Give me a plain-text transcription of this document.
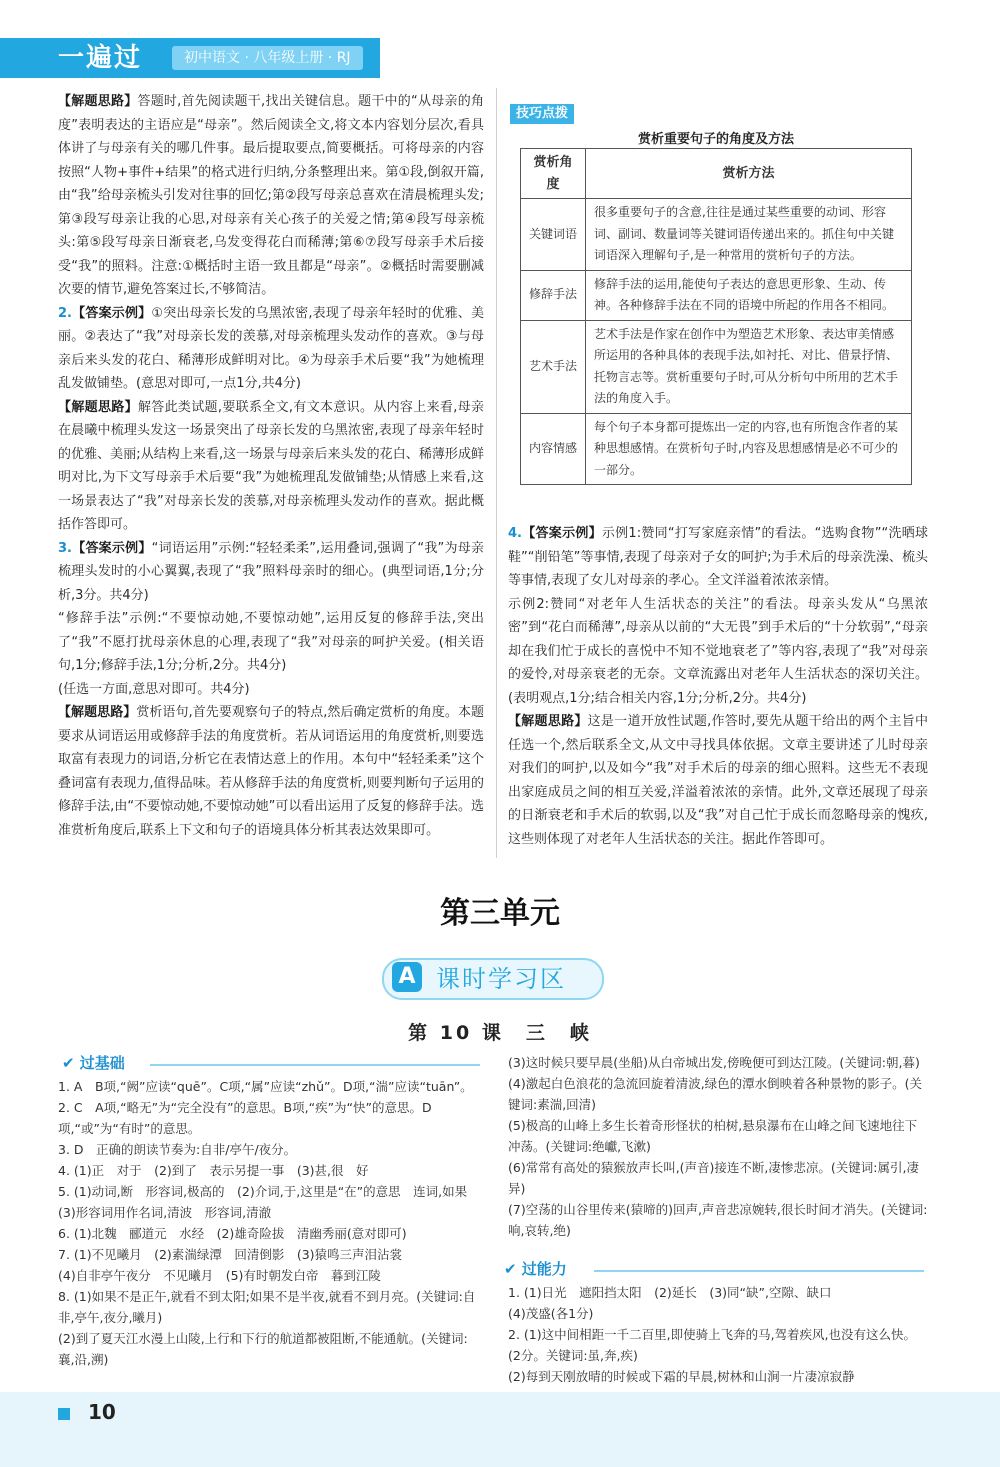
一遍过	初中语文 · 八年级上册 · RJ

【解题思路】答题时,首先阅读题干,找出关键信息。题干中的“从母亲的角度”表明表达的主语应是“母亲”。然后阅读全文,将文本内容划分层次,看具体讲了与母亲有关的哪几件事。最后提取要点,简要概括。可将母亲的内容按照“人物+事件+结果”的格式进行归纳,分条整理出来。第①段,倒叙开篇,由“我”给母亲梳头引发对往事的回忆;第②段写母亲总喜欢在清晨梳理头发;第③段写母亲让我的心思,对母亲有关心孩子的关爱之情;第④段写母亲梳头:第⑤段写母亲日渐衰老,乌发变得花白而稀薄;第⑥⑦段写母亲手术后接受“我”的照料。注意:①概括时主语一致且都是“母亲”。②概括时需要删减次要的情节,避免答案过长,不够简洁。

2.【答案示例】①突出母亲长发的乌黑浓密,表现了母亲年轻时的优雅、美丽。②表达了“我”对母亲长发的羡慕,对母亲梳理头发动作的喜欢。③与母亲后来头发的花白、稀薄形成鲜明对比。④为母亲手术后要“我”为她梳理乱发做铺垫。(意思对即可,一点1分,共4分)

【解题思路】解答此类试题,要联系全文,有文本意识。从内容上来看,母亲在晨曦中梳理头发这一场景突出了母亲长发的乌黑浓密,表现了母亲年轻时的优雅、美丽;从结构上来看,这一场景与母亲后来头发的花白、稀薄形成鲜明对比,为下文写母亲手术后要“我”为她梳理乱发做铺垫;从情感上来看,这一场景表达了“我”对母亲长发的羡慕,对母亲梳理头发动作的喜欢。据此概括作答即可。

3.【答案示例】“词语运用”示例:“轻轻柔柔”,运用叠词,强调了“我”为母亲梳理头发时的小心翼翼,表现了“我”照料母亲时的细心。(典型词语,1分;分析,3分。共4分)

“修辞手法”示例:“不要惊动她,不要惊动她”,运用反复的修辞手法,突出了“我”不愿打扰母亲休息的心理,表现了“我”对母亲的呵护关爱。(相关语句,1分;修辞手法,1分;分析,2分。共4分)

(任选一方面,意思对即可。共4分)

【解题思路】赏析语句,首先要观察句子的特点,然后确定赏析的角度。本题要求从词语运用或修辞手法的角度赏析。若从词语运用的角度赏析,则要选取富有表现力的词语,分析它在表情达意上的作用。本句中“轻轻柔柔”这个叠词富有表现力,值得品味。若从修辞手法的角度赏析,则要判断句子运用的修辞手法,由“不要惊动她,不要惊动她”可以看出运用了反复的修辞手法。选准赏析角度后,联系上下文和句子的语境具体分析其表达效果即可。

技巧点拨
赏析重要句子的角度及方法
赏析角度	赏析方法
关键词语	很多重要句子的含意,往往是通过某些重要的动词、形容词、副词、数量词等关键词语传递出来的。抓住句中关键词语深入理解句子,是一种常用的赏析句子的方法。
修辞手法	修辞手法的运用,能使句子表达的意思更形象、生动、传神。各种修辞手法在不同的语境中所起的作用各不相同。
艺术手法	艺术手法是作家在创作中为塑造艺术形象、表达审美情感所运用的各种具体的表现手法,如衬托、对比、借景抒情、托物言志等。赏析重要句子时,可从分析句中所用的艺术手法的角度入手。
内容情感	每个句子本身都可提炼出一定的内容,也有所饱含作者的某种思想感情。在赏析句子时,内容及思想感情是必不可少的一部分。

4.【答案示例】示例1:赞同“打写家庭亲情”的看法。“选购食物”“洗晒球鞋”“削铅笔”等事情,表现了母亲对子女的呵护;为手术后的母亲洗澡、梳头等事情,表现了女儿对母亲的孝心。全文洋溢着浓浓亲情。

示例2:赞同“对老年人生活状态的关注”的看法。母亲头发从“乌黑浓密”到“花白而稀薄”,母亲从以前的“大无畏”到手术后的“十分软弱”,“母亲却在我们忙于成长的喜悦中不知不觉地衰老了”等内容,表现了“我”对母亲的爱怜,对母亲衰老的无奈。文章流露出对老年人生活状态的深切关注。(表明观点,1分;结合相关内容,1分;分析,2分。共4分)

【解题思路】这是一道开放性试题,作答时,要先从题干给出的两个主旨中任选一个,然后联系全文,从文中寻找具体依据。文章主要讲述了儿时母亲对我们的呵护,以及如今“我”对手术后的母亲的细心照料。这些无不表现出家庭成员之间的相互关爱,洋溢着浓浓的亲情。此外,文章还展现了母亲的日渐衰老和手术后的软弱,以及“我”对自己忙于成长而忽略母亲的愧疚,这些则体现了对老年人生活状态的关注。据此作答即可。

第三单元
A 课时学习区
第 10 课　三　峡
✔ 过基础

1. A　B项,“阙”应读“quē”。C项,“属”应读“zhǔ”。D项,“湍”应读“tuān”。

2. C　A项,“略无”为“完全没有”的意思。B项,“疾”为“快”的意思。D项,“或”为“有时”的意思。

3. D　正确的朗读节奏为:自非/亭午/夜分。

4. (1)正　对于　(2)到了　表示另提一事　(3)甚,很　好

5. (1)动词,断　形容词,极高的　(2)介词,于,这里是“在”的意思　连词,如果

(3)形容词用作名词,清波　形容词,清澈

6. (1)北魏　郦道元　水经　(2)雄奇险拔　清幽秀丽(意对即可)

7. (1)不见曦月　(2)素湍绿潭　回清倒影　(3)猿鸣三声泪沾裳

(4)自非亭午夜分　不见曦月　(5)有时朝发白帝　暮到江陵

8. (1)如果不是正午,就看不到太阳;如果不是半夜,就看不到月亮。(关键词:自非,亭午,夜分,曦月)

(2)到了夏天江水漫上山陵,上行和下行的航道都被阻断,不能通航。(关键词:襄,沿,溯)

(3)这时候只要早晨(坐船)从白帝城出发,傍晚便可到达江陵。(关键词:朝,暮)

(4)激起白色浪花的急流回旋着清波,绿色的潭水倒映着各种景物的影子。(关键词:素湍,回清)

(5)极高的山峰上多生长着奇形怪状的柏树,悬泉瀑布在山峰之间飞速地往下冲荡。(关键词:绝巘,飞漱)

(6)常常有高处的猿猴放声长叫,(声音)接连不断,凄惨悲凉。(关键词:属引,凄异)

(7)空荡的山谷里传来(猿啼的)回声,声音悲凉婉转,很长时间才消失。(关键词:响,哀转,绝)

✔ 过能力

1. (1)日光　遮阳挡太阳　(2)延长　(3)同“缺”,空隙、缺口

(4)茂盛(各1分)

2. (1)这中间相距一千二百里,即使骑上飞奔的马,驾着疾风,也没有这么快。(2分。关键词:虽,奔,疾)

(2)每到天刚放晴的时候或下霜的早晨,树林和山涧一片凄凉寂静

10
